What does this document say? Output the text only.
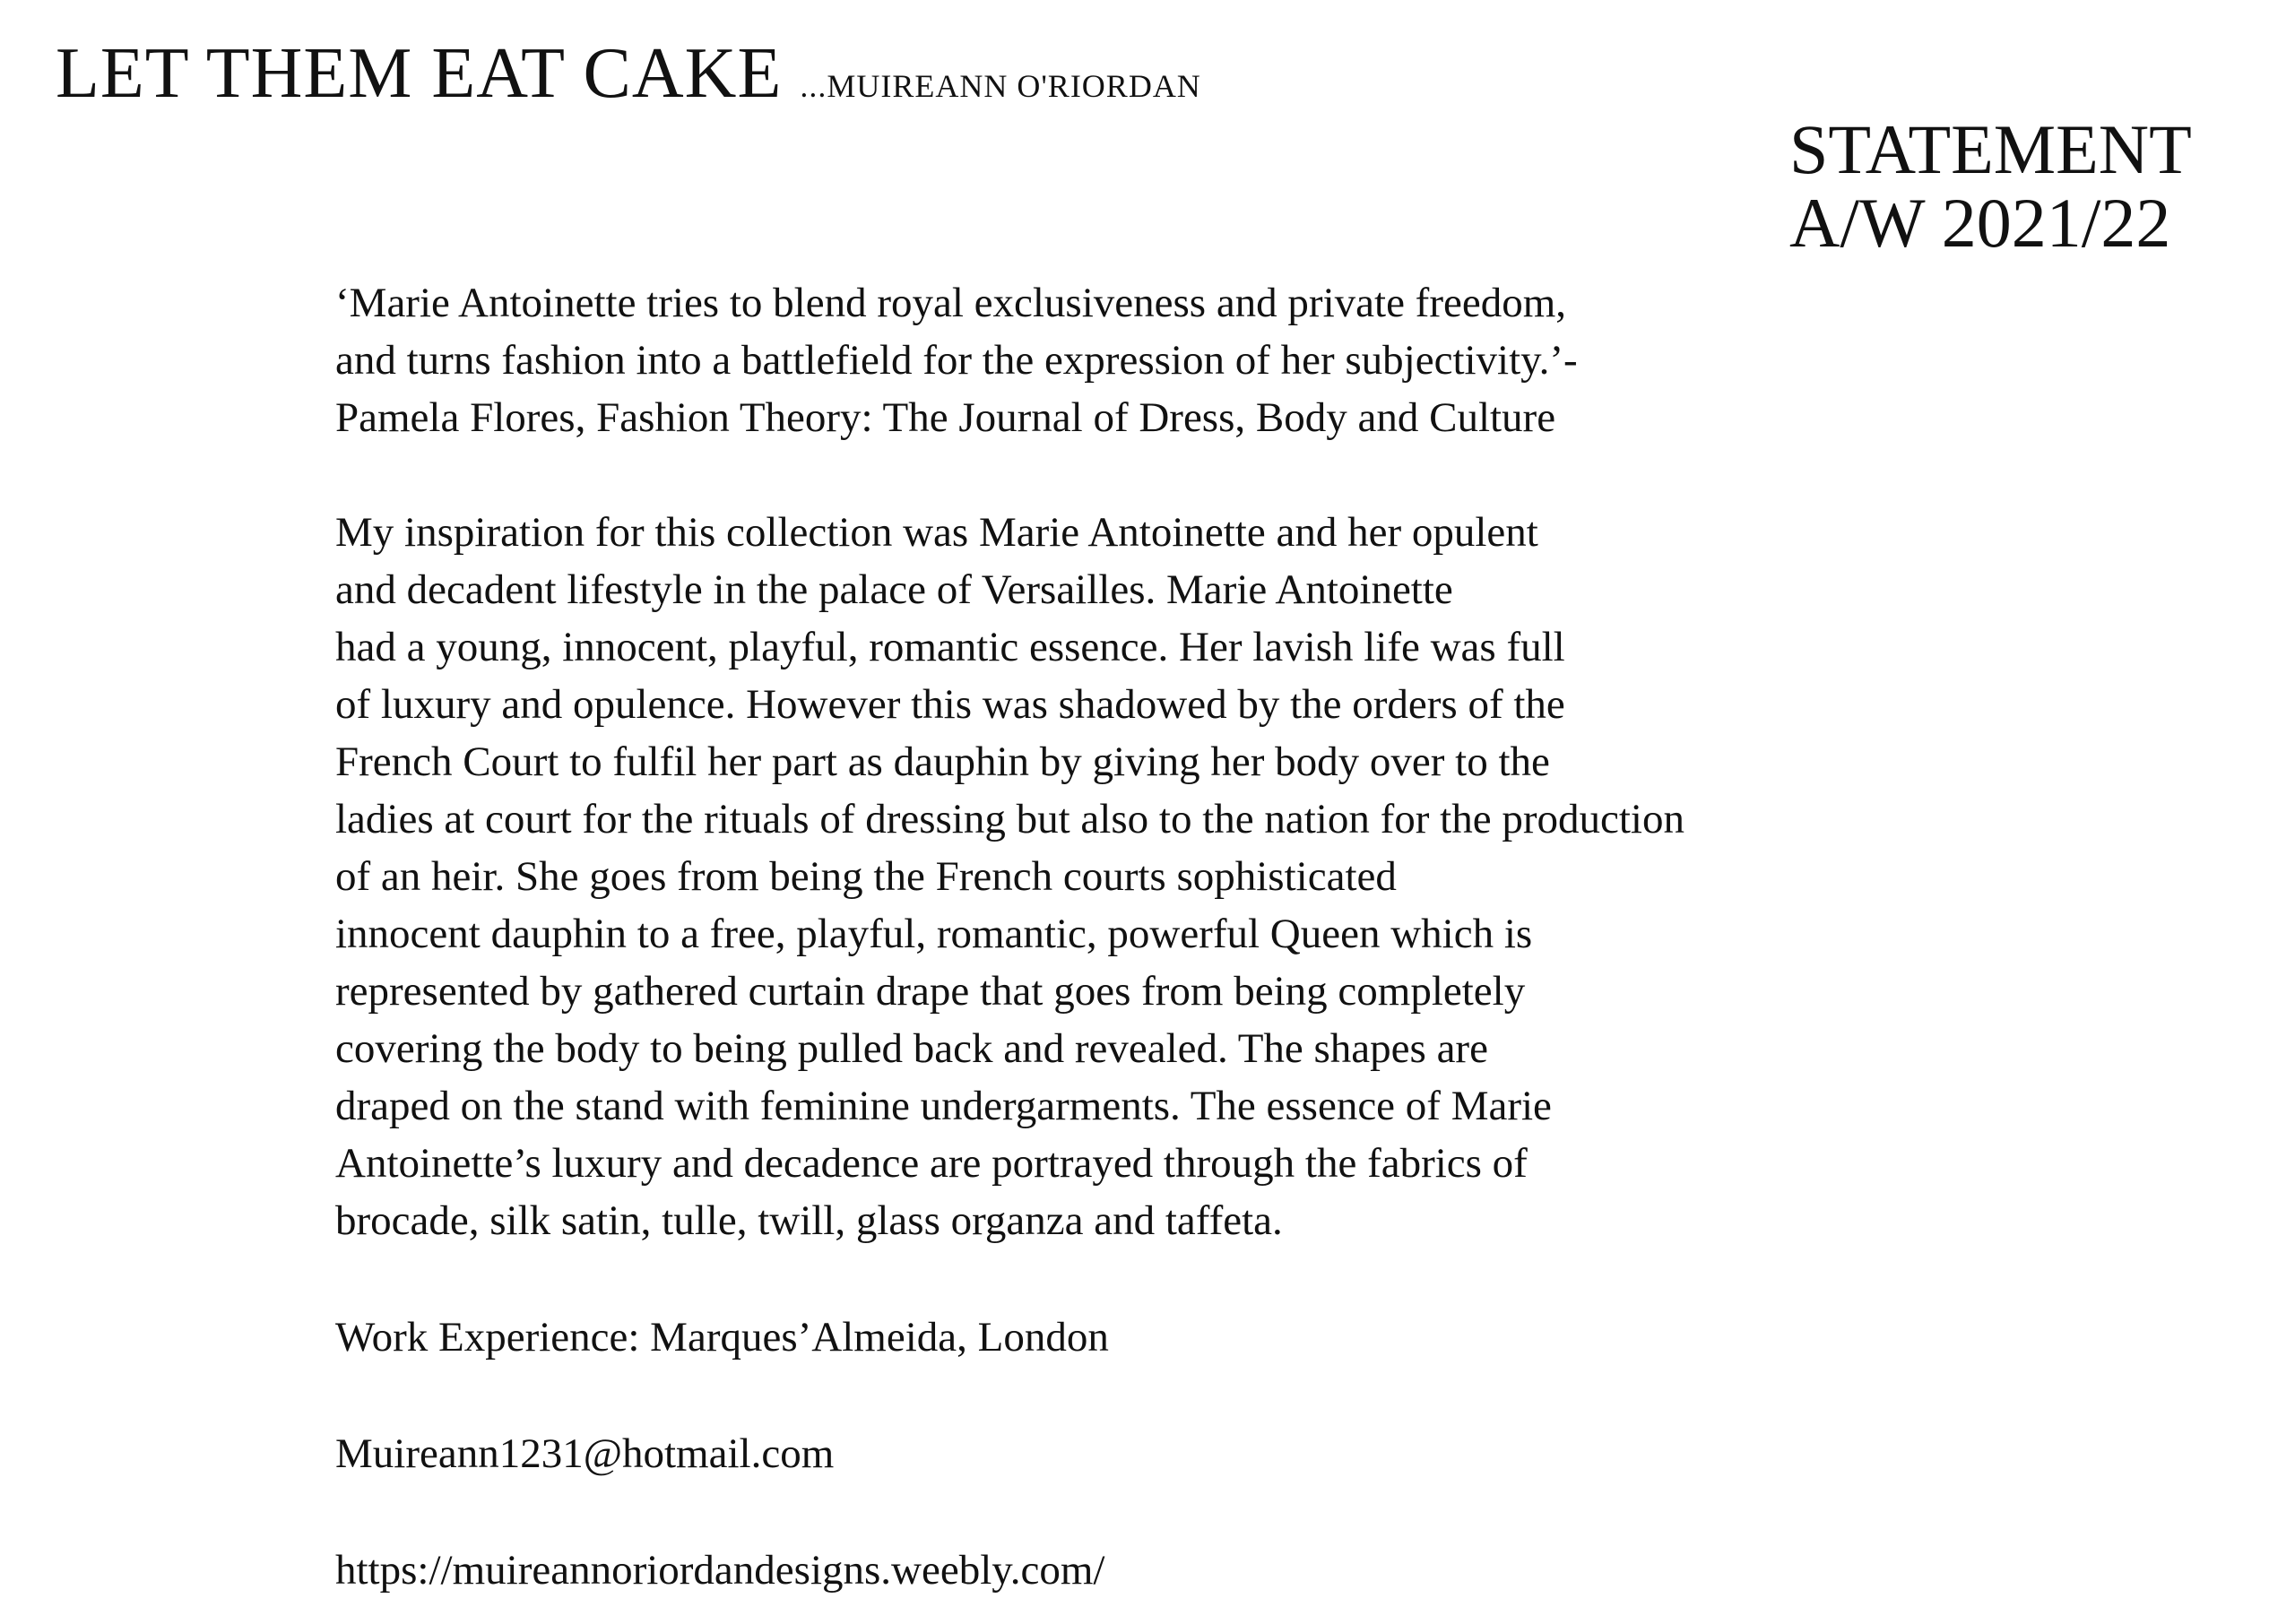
LET THEM EAT CAKE ...MUIREANN O'RIORDAN
STATEMENT
A/W 2021/22
‘Marie Antoinette tries to blend royal exclusiveness and private freedom,
and turns fashion into a battlefield for the expression of her subjectivity.’-
Pamela Flores, Fashion Theory: The Journal of Dress, Body and Culture
My inspiration for this collection was Marie Antoinette and her opulent
and decadent lifestyle in the palace of Versailles. Marie Antoinette
had a young, innocent, playful, romantic essence. Her lavish life was full
of luxury and opulence. However this was shadowed by the orders of the
French Court to fulfil her part as dauphin by giving her body over to the
ladies at court for the rituals of dressing but also to the nation for the production
of an heir. She goes from being the French courts sophisticated
innocent dauphin to a free, playful, romantic, powerful Queen which is
represented by gathered curtain drape that goes from being completely
covering the body to being pulled back and revealed. The shapes are
draped on the stand with feminine undergarments. The essence of Marie
Antoinette’s luxury and decadence are portrayed through the fabrics of
brocade, silk satin, tulle, twill, glass organza and taffeta.
Work Experience: Marques’Almeida, London
Muireann1231@hotmail.com
https://muireannoriordandesigns.weebly.com/
